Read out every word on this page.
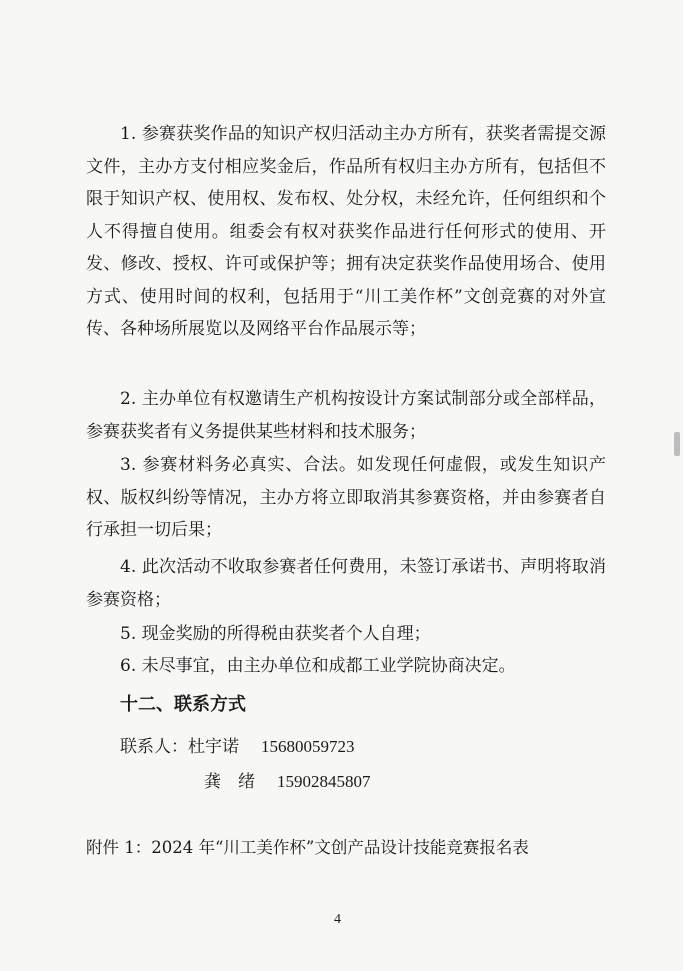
1. 参赛获奖作品的知识产权归活动主办方所有，获奖者需提交源文件，主办方支付相应奖金后，作品所有权归主办方所有，包括但不限于知识产权、使用权、发布权、处分权，未经允许，任何组织和个人不得擅自使用。组委会有权对获奖作品进行任何形式的使用、开发、修改、授权、许可或保护等；拥有决定获奖作品使用场合、使用方式、使用时间的权利，包括用于“川工美作杯”文创竞赛的对外宣传、各种场所展览以及网络平台作品展示等；

2. 主办单位有权邀请生产机构按设计方案试制部分或全部样品，参赛获奖者有义务提供某些材料和技术服务；

3. 参赛材料务必真实、合法。如发现任何虚假，或发生知识产权、版权纠纷等情况，主办方将立即取消其参赛资格，并由参赛者自行承担一切后果；

4. 此次活动不收取参赛者任何费用，未签订承诺书、声明将取消参赛资格；

5. 现金奖励的所得税由获奖者个人自理；

6. 未尽事宜，由主办单位和成都工业学院协商决定。

十二、联系方式

联系人：杜宇诺 15680059723

龚　绪 15902845807

附件 1：2024 年“川工美作杯”文创产品设计技能竞赛报名表

4
